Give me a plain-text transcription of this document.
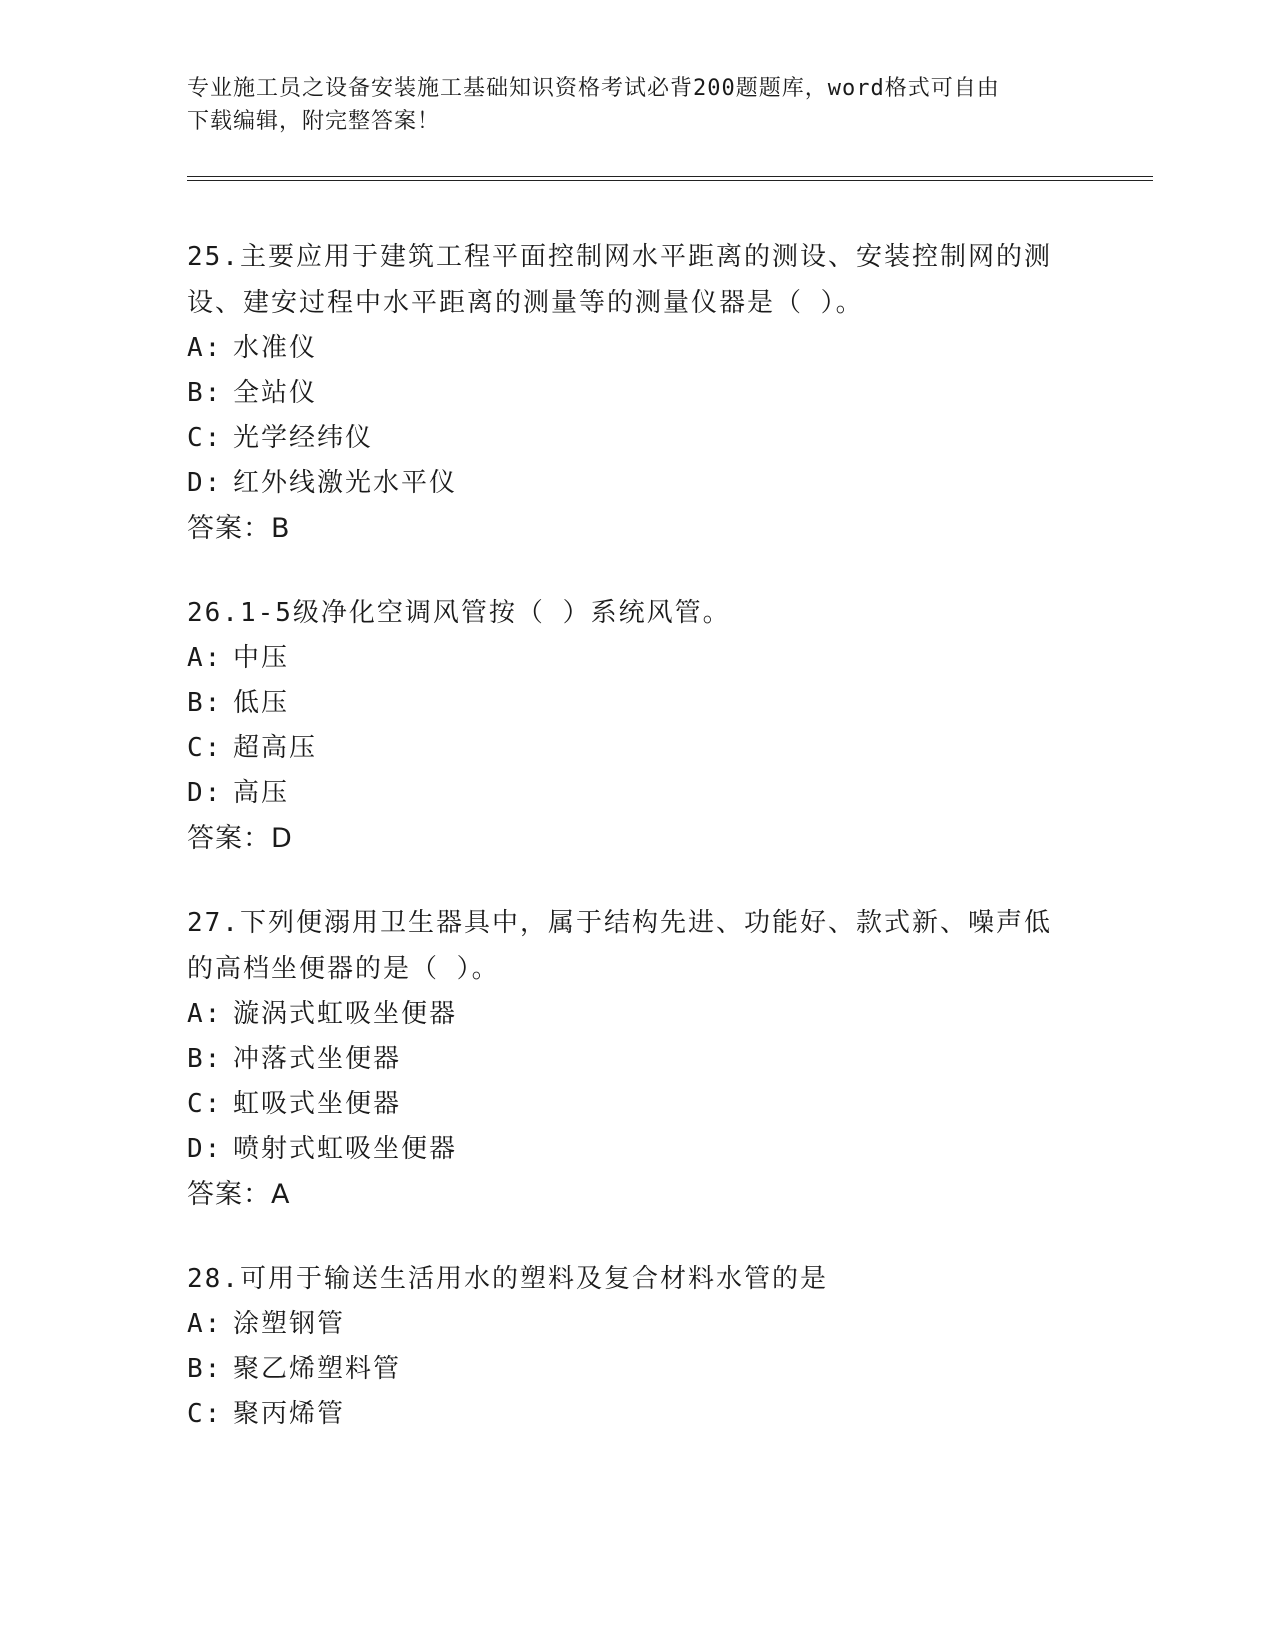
专业施工员之设备安装施工基础知识资格考试必背200题题库，word格式可自由
下载编辑，附完整答案！
25.主要应用于建筑工程平面控制网水平距离的测设、安装控制网的测
设、建安过程中水平距离的测量等的测量仪器是（ ）。
A: 水准仪
B: 全站仪
C: 光学经纬仪
D: 红外线激光水平仪
答案：B
26.1-5级净化空调风管按（ ）系统风管。
A: 中压
B: 低压
C: 超高压
D: 高压
答案：D
27.下列便溺用卫生器具中，属于结构先进、功能好、款式新、噪声低
的高档坐便器的是（ ）。
A: 漩涡式虹吸坐便器
B: 冲落式坐便器
C: 虹吸式坐便器
D: 喷射式虹吸坐便器
答案：A
28.可用于输送生活用水的塑料及复合材料水管的是
A: 涂塑钢管
B: 聚乙烯塑料管
C: 聚丙烯管
